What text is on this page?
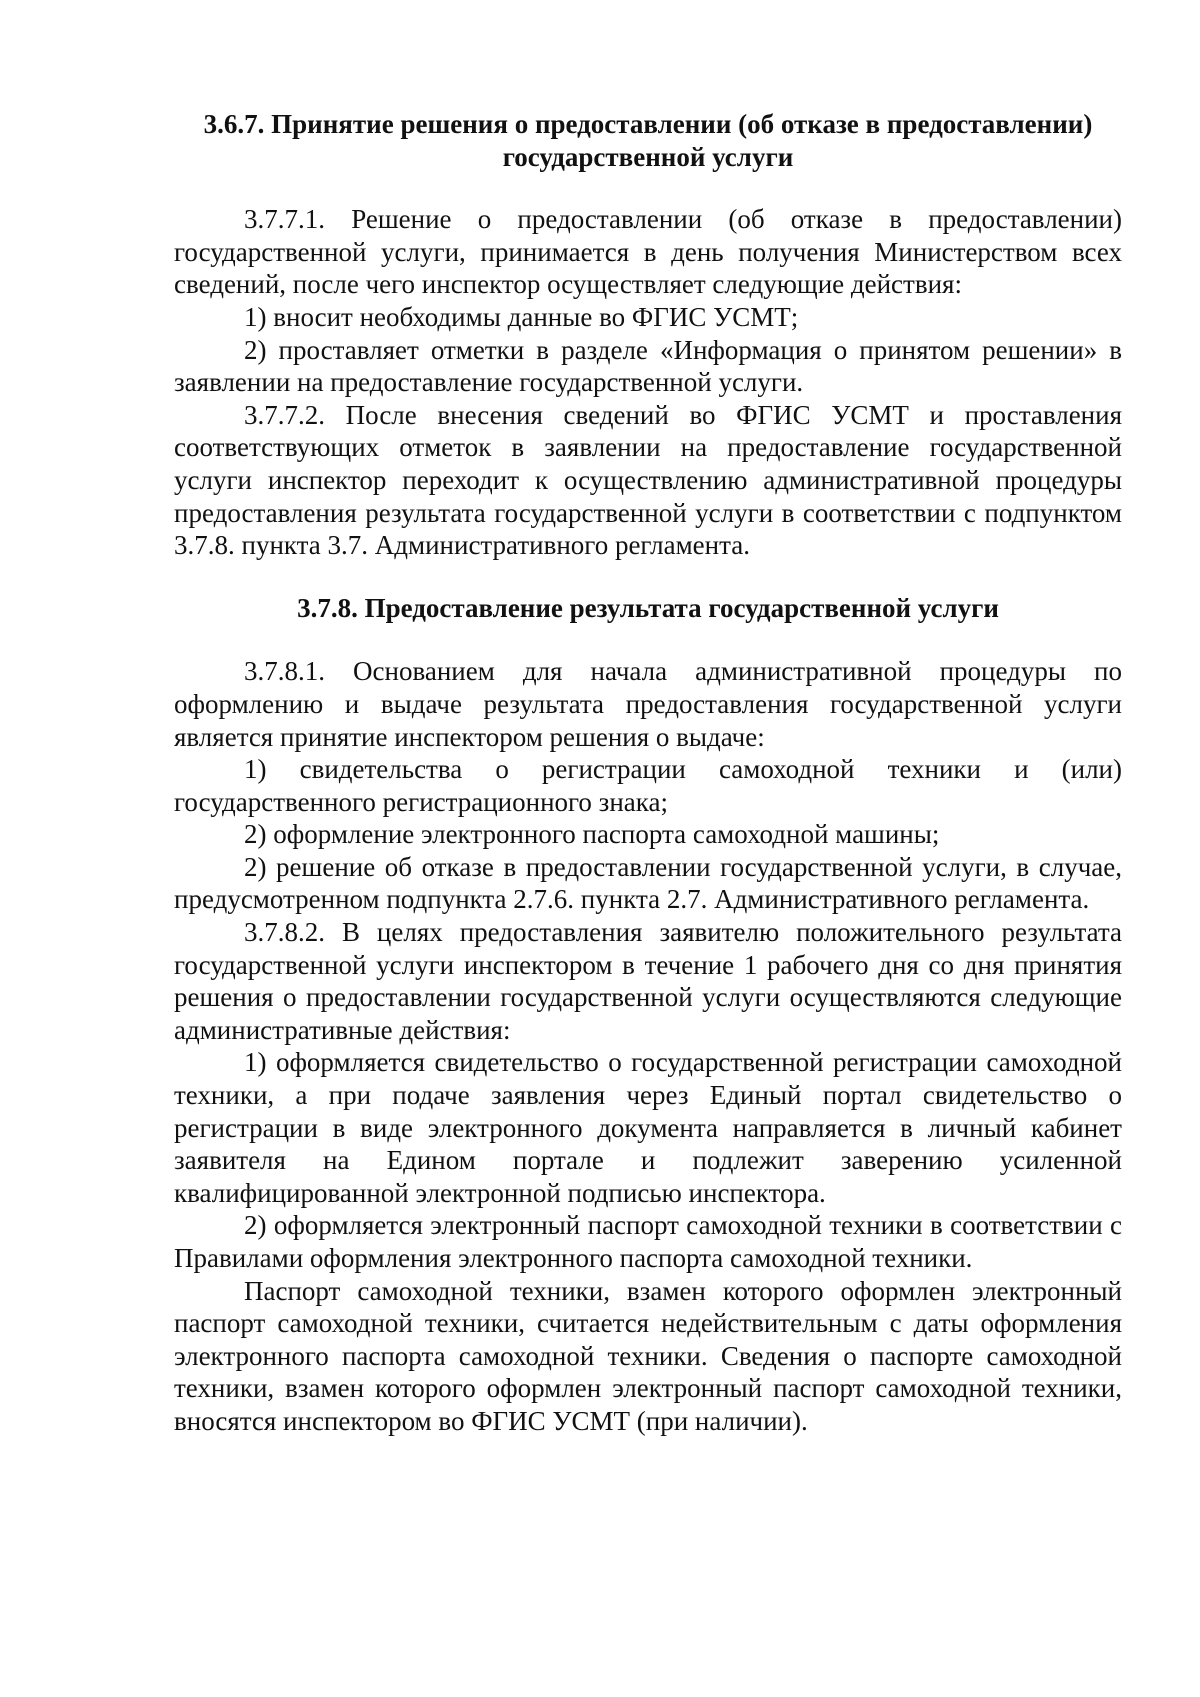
3.6.7. Принятие решения о предоставлении (об отказе в предоставлении) государственной услуги

3.7.7.1. Решение о предоставлении (об отказе в предоставлении) государственной услуги, принимается в день получения Министерством всех сведений, после чего инспектор осуществляет следующие действия:

1) вносит необходимы данные во ФГИС УСМТ;

2) проставляет отметки в разделе «Информация о принятом решении» в заявлении на предоставление государственной услуги.

3.7.7.2. После внесения сведений во ФГИС УСМТ и проставления соответствующих отметок в заявлении на предоставление государственной услуги инспектор переходит к осуществлению административной процедуры предоставления результата государственной услуги в соответствии с подпунктом 3.7.8. пункта 3.7. Административного регламента.

3.7.8. Предоставление результата государственной услуги

3.7.8.1. Основанием для начала административной процедуры по оформлению и выдаче результата предоставления государственной услуги является принятие инспектором решения о выдаче:

1) свидетельства о регистрации самоходной техники и (или) государственного регистрационного знака;

2) оформление электронного паспорта самоходной машины;

2) решение об отказе в предоставлении государственной услуги, в случае, предусмотренном подпункта 2.7.6. пункта 2.7. Административного регламента.

3.7.8.2. В целях предоставления заявителю положительного результата государственной услуги инспектором в течение 1 рабочего дня со дня принятия решения о предоставлении государственной услуги осуществляются следующие административные действия:

1) оформляется свидетельство о государственной регистрации самоходной техники, а при подаче заявления через Единый портал свидетельство о регистрации в виде электронного документа направляется в личный кабинет заявителя на Едином портале и подлежит заверению усиленной квалифицированной электронной подписью инспектора.

2) оформляется электронный паспорт самоходной техники в соответствии с Правилами оформления электронного паспорта самоходной техники.

Паспорт самоходной техники, взамен которого оформлен электронный паспорт самоходной техники, считается недействительным с даты оформления электронного паспорта самоходной техники. Сведения о паспорте самоходной техники, взамен которого оформлен электронный паспорт самоходной техники, вносятся инспектором во ФГИС УСМТ (при наличии).
